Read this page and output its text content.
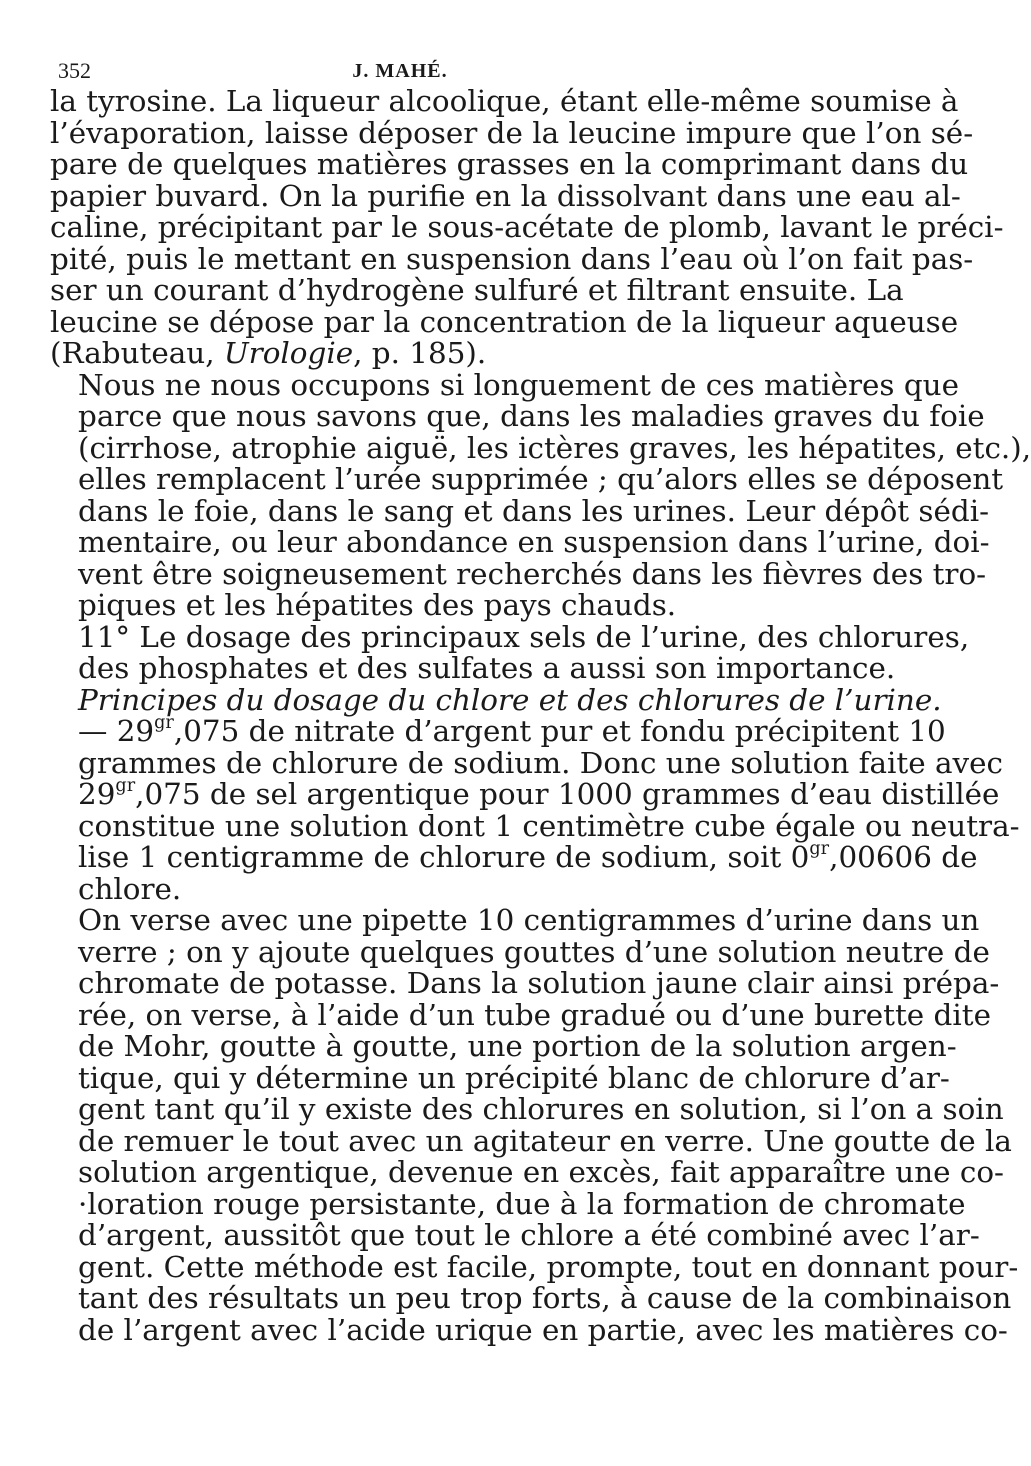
352	J. MAHÉ.

la tyrosine. La liqueur alcoolique, étant elle-même soumise à
l’évaporation, laisse déposer de la leucine impure que l’on sé-
pare de quelques matières grasses en la comprimant dans du
papier buvard. On la purifie en la dissolvant dans une eau al-
caline, précipitant par le sous-acétate de plomb, lavant le préci-
pité, puis le mettant en suspension dans l’eau où l’on fait pas-
ser un courant d’hydrogène sulfuré et filtrant ensuite. La
leucine se dépose par la concentration de la liqueur aqueuse
(Rabuteau, Urologie, p. 185).

Nous ne nous occupons si longuement de ces matières que
parce que nous savons que, dans les maladies graves du foie
(cirrhose, atrophie aiguë, les ictères graves, les hépatites, etc.),
elles remplacent l’urée supprimée ; qu’alors elles se déposent
dans le foie, dans le sang et dans les urines. Leur dépôt sédi-
mentaire, ou leur abondance en suspension dans l’urine, doi-
vent être soigneusement recherchés dans les fièvres des tro-
piques et les hépatites des pays chauds.

11° Le dosage des principaux sels de l’urine, des chlorures,
des phosphates et des sulfates a aussi son importance.

Principes du dosage du chlore et des chlorures de l’urine.
— $29^{gr},075$ de nitrate d’argent pur et fondu précipitent 10
grammes de chlorure de sodium. Donc une solution faite avec
$29^{gr},075$ de sel argentique pour 1000 grammes d’eau distillée
constitue une solution dont 1 centimètre cube égale ou neutra-
lise 1 centigramme de chlorure de sodium, soit $0^{gr},00606$ de
chlore.

On verse avec une pipette 10 centigrammes d’urine dans un
verre ; on y ajoute quelques gouttes d’une solution neutre de
chromate de potasse. Dans la solution jaune clair ainsi prépa-
rée, on verse, à l’aide d’un tube gradué ou d’une burette dite
de Mohr, goutte à goutte, une portion de la solution argen-
tique, qui y détermine un précipité blanc de chlorure d’ar-
gent tant qu’il y existe des chlorures en solution, si l’on a soin
de remuer le tout avec un agitateur en verre. Une goutte de la
solution argentique, devenue en excès, fait apparaître une co-
·loration rouge persistante, due à la formation de chromate
d’argent, aussitôt que tout le chlore a été combiné avec l’ar-
gent. Cette méthode est facile, prompte, tout en donnant pour-
tant des résultats un peu trop forts, à cause de la combinaison
de l’argent avec l’acide urique en partie, avec les matières co-
